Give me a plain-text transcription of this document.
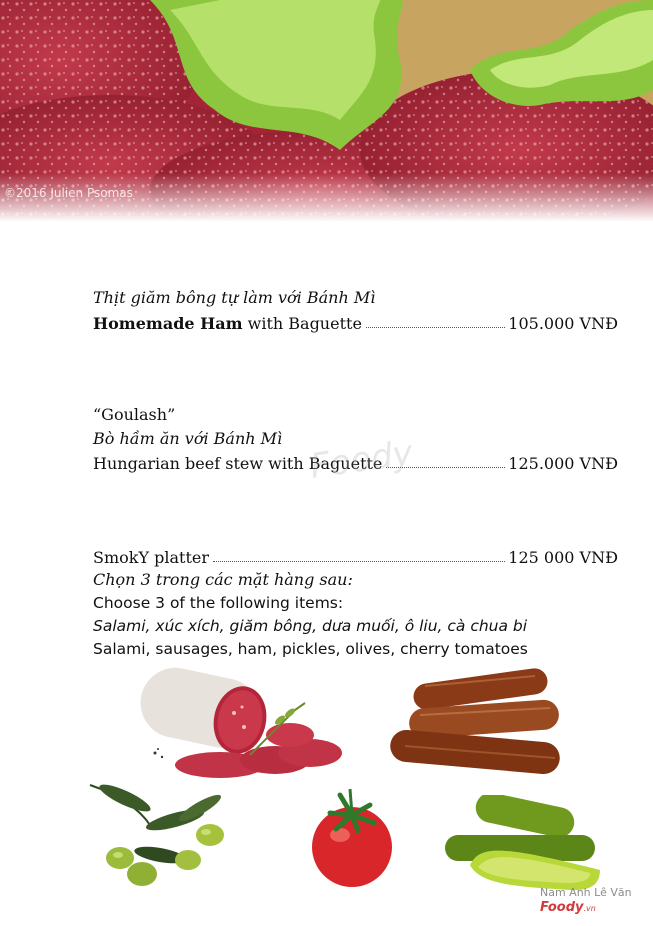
©2016 Julien Psomas
Thịt giăm bông tự làm với Bánh Mì
Homemade Ham with Baguette	105.000 VNĐ
“Goulash”
Bò hầm ăn với Bánh Mì
Hungarian beef stew with Baguette	125.000 VNĐ
Foody
SmokY platter	125 000 VNĐ
Chọn 3 trong các mặt hàng sau:
Choose 3 of the following items:
Salami, xúc xích, giăm bông, dưa muối, ô liu, cà chua bi
Salami, sausages, ham, pickles, olives, cherry tomatoes
Nam Anh Lê Văn
Foody.vn
